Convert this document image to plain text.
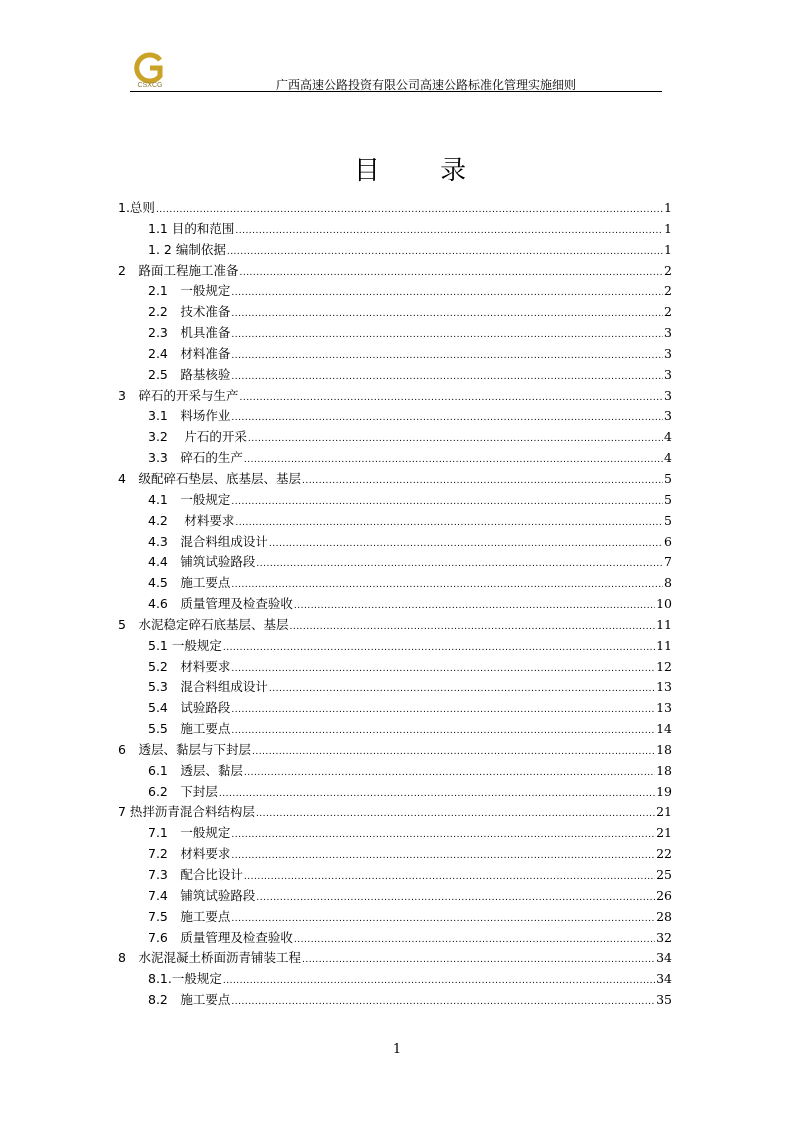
CSXCG	广西高速公路投资有限公司高速公路标准化管理实施细则
目 录
1.总则 .....	1
1.1 目的和范围 .....	1
1. 2 编制依据 .....	1
2　路面工程施工准备 .....	2
2.1　一般规定 .....	2
2.2　技术准备 .....	2
2.3　机具准备 .....	3
2.4　材料准备 .....	3
2.5　路基核验 .....	3
3　碎石的开采与生产 .....	3
3.1　料场作业 .....	3
3.2　 片石的开采 .....	4
3.3　碎石的生产 .....	4
4　级配碎石垫层、底基层、基层 .....	5
4.1　一般规定 .....	5
4.2　 材料要求 .....	5
4.3　混合料组成设计 .....	6
4.4　铺筑试验路段 .....	7
4.5　施工要点 .....	8
4.6　质量管理及检查验收 .....	10
5　水泥稳定碎石底基层、基层 .....	11
5.1 一般规定 .....	11
5.2　材料要求 .....	12
5.3　混合料组成设计 .....	13
5.4　试验路段 .....	13
5.5　施工要点 .....	14
6　透层、黏层与下封层 .....	18
6.1　透层、黏层 .....	18
6.2　下封层 .....	19
7 热拌沥青混合料结构层 .....	21
7.1　一般规定 .....	21
7.2　材料要求 .....	22
7.3　配合比设计 .....	25
7.4　铺筑试验路段 .....	26
7.5　施工要点 .....	28
7.6　质量管理及检查验收 .....	32
8　水泥混凝土桥面沥青铺装工程 .....	34
8.1.一般规定 .....	34
8.2　施工要点 .....	35
1
